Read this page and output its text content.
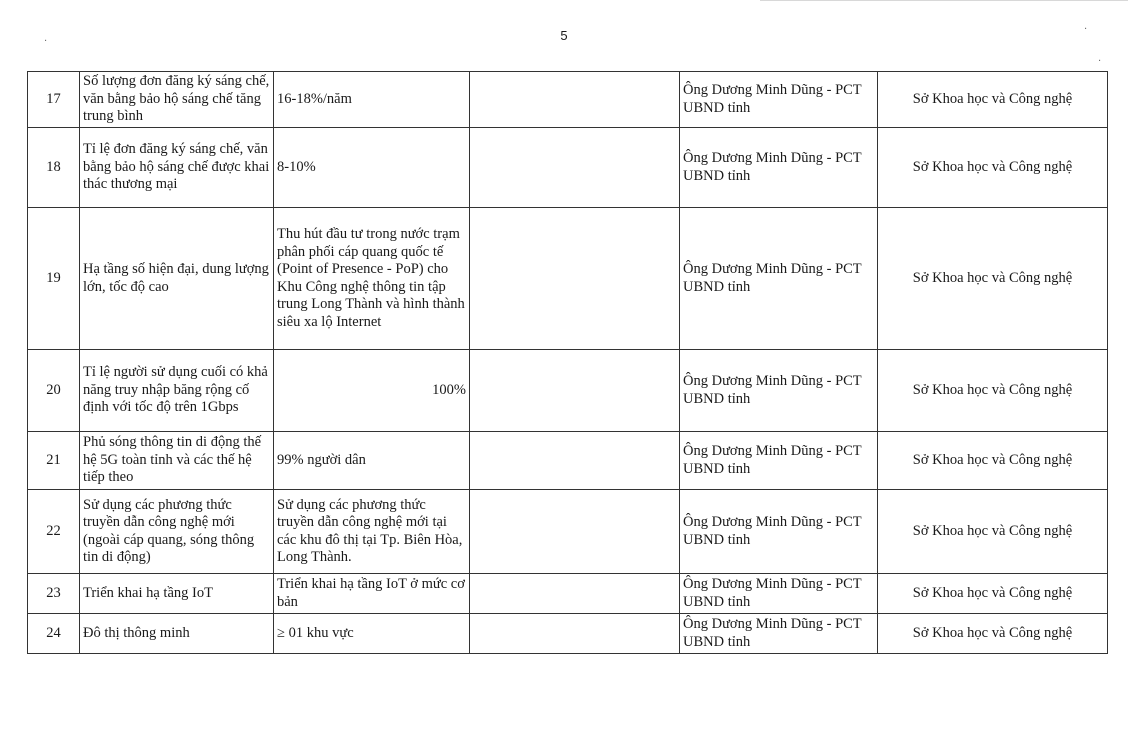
5
·
·
·
17	Số lượng đơn đăng ký sáng chế, văn bằng bảo hộ sáng chế tăng trung bình	16-18%/năm		Ông Dương Minh Dũng - PCT UBND tỉnh	Sở Khoa học và Công nghệ
18	Tỉ lệ đơn đăng ký sáng chế, văn bằng bảo hộ sáng chế được khai thác thương mại	8-10%		Ông Dương Minh Dũng - PCT UBND tỉnh	Sở Khoa học và Công nghệ
19	Hạ tầng số hiện đại, dung lượng lớn, tốc độ cao	Thu hút đầu tư trong nước trạm phân phối cáp quang quốc tế (Point of Presence - PoP) cho Khu Công nghệ thông tin tập trung Long Thành và hình thành siêu xa lộ Internet		Ông Dương Minh Dũng - PCT UBND tỉnh	Sở Khoa học và Công nghệ
20	Tỉ lệ người sử dụng cuối có khả năng truy nhập băng rộng cố định với tốc độ trên 1Gbps	100%		Ông Dương Minh Dũng - PCT UBND tỉnh	Sở Khoa học và Công nghệ
21	Phủ sóng thông tin di động thế hệ 5G toàn tỉnh và các thế hệ tiếp theo	99% người dân		Ông Dương Minh Dũng - PCT UBND tỉnh	Sở Khoa học và Công nghệ
22	Sử dụng các phương thức truyền dẫn công nghệ mới (ngoài cáp quang, sóng thông tin di động)	Sử dụng các phương thức truyền dẫn công nghệ mới tại các khu đô thị tại Tp. Biên Hòa, Long Thành.		Ông Dương Minh Dũng - PCT UBND tỉnh	Sở Khoa học và Công nghệ
23	Triển khai hạ tầng IoT	Triển khai hạ tầng IoT ở mức cơ bản		Ông Dương Minh Dũng - PCT UBND tỉnh	Sở Khoa học và Công nghệ
24	Đô thị thông minh	≥ 01 khu vực		Ông Dương Minh Dũng - PCT UBND tỉnh	Sở Khoa học và Công nghệ
